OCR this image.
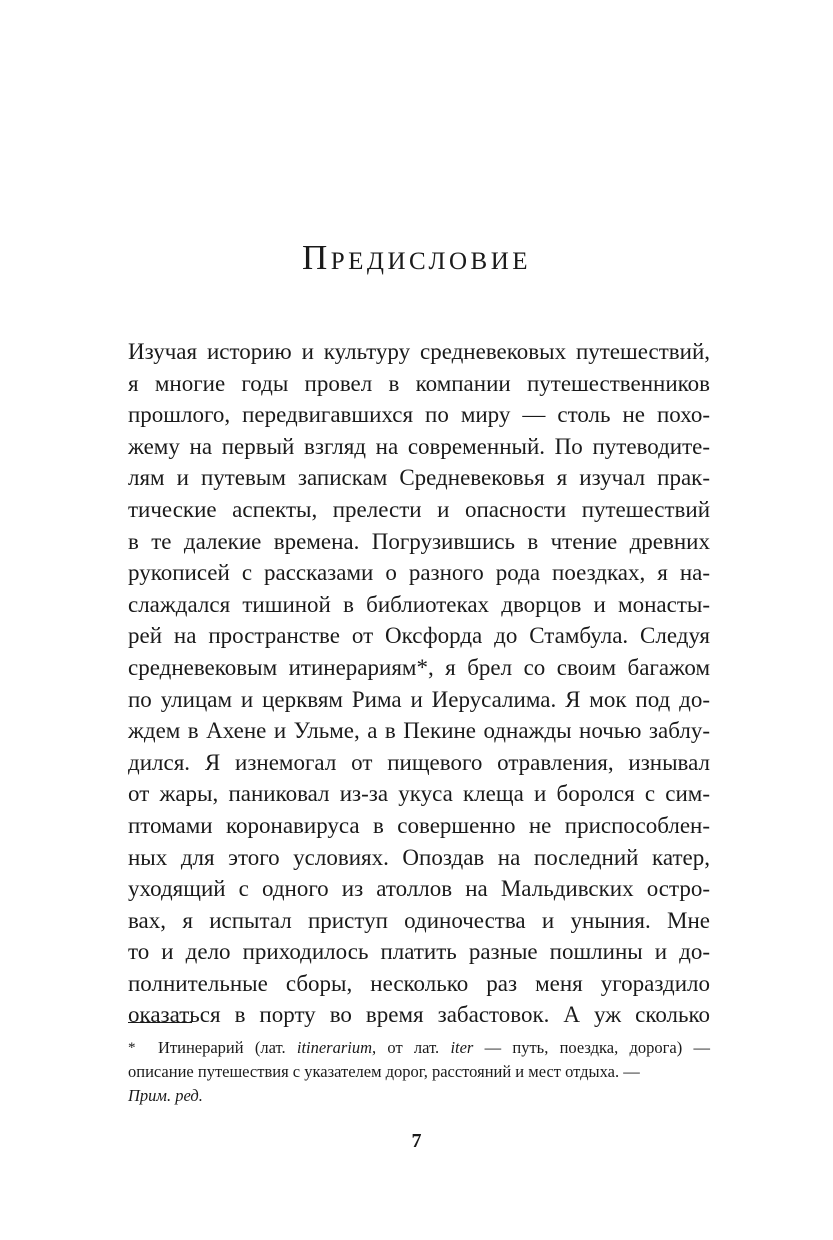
Предисловие
Изучая историю и культуру средневековых путешествий,
я многие годы провел в компании путешественников
прошлого, передвигавшихся по миру — столь не похо-
жему на первый взгляд на современный. По путеводите-
лям и путевым запискам Средневековья я изучал прак-
тические аспекты, прелести и опасности путешествий
в те далекие времена. Погрузившись в чтение древних
рукописей с рассказами о разного рода поездках, я на-
слаждался тишиной в библиотеках дворцов и монасты-
рей на пространстве от Оксфорда до Стамбула. Следуя
средневековым итинерариям*, я брел со своим багажом
по улицам и церквям Рима и Иерусалима. Я мок под до-
ждем в Ахене и Ульме, а в Пекине однажды ночью заблу-
дился. Я изнемогал от пищевого отравления, изнывал
от жары, паниковал из-за укуса клеща и боролся с сим-
птомами коронавируса в совершенно не приспособлен-
ных для этого условиях. Опоздав на последний катер,
уходящий с одного из атоллов на Мальдивских остро-
вах, я испытал приступ одиночества и уныния. Мне
то и дело приходилось платить разные пошлины и до-
полнительные сборы, несколько раз меня угораздило
оказаться в порту во время забастовок. А уж сколько
* Итинерарий (лат. itinerarium, от лат. iter — путь, поездка, дорога) —
описание путешествия с указателем дорог, расстояний и мест отдыха. —
Прим. ред.
7
